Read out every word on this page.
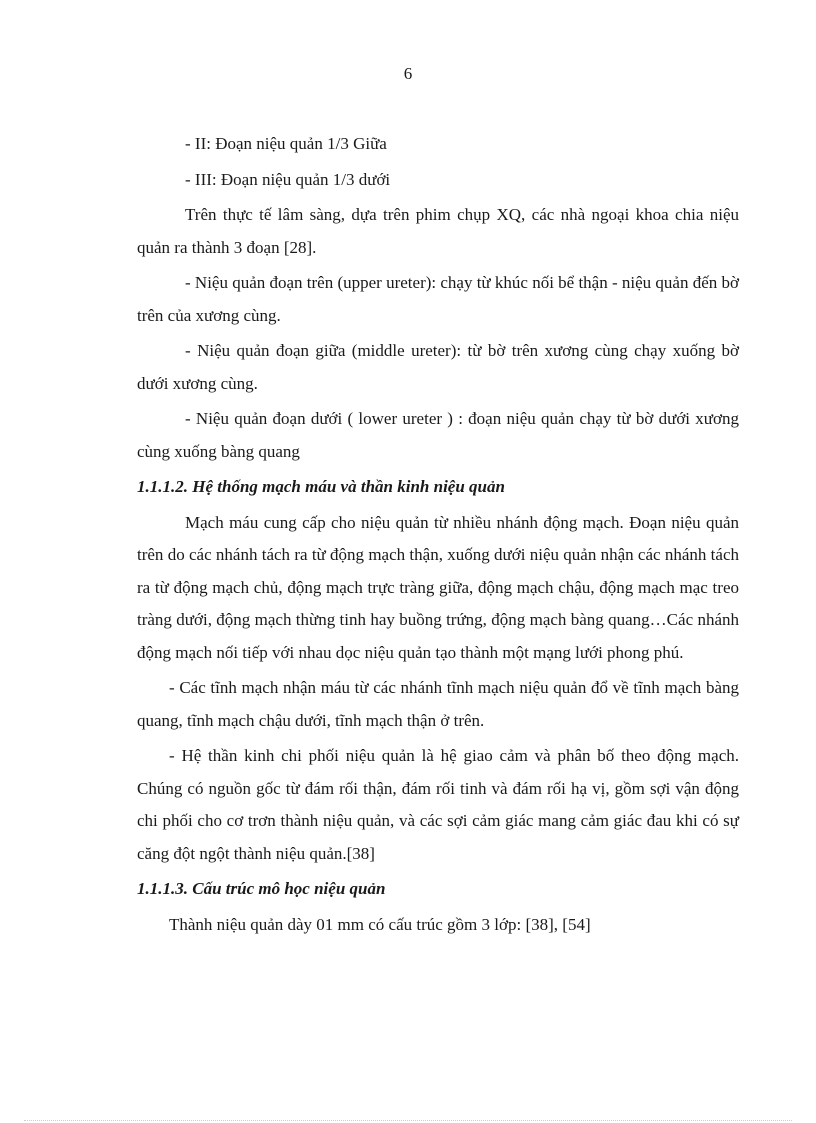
6

- II: Đoạn niệu quản 1/3 Giữa

- III: Đoạn niệu quản 1/3 dưới

Trên thực tế lâm sàng, dựa trên phim chụp XQ, các nhà ngoại khoa chia niệu quản ra thành 3 đoạn [28].

- Niệu quản đoạn trên (upper ureter): chạy từ khúc nối bể thận - niệu quản đến bờ trên của xương cùng.

- Niệu quản đoạn giữa (middle ureter): từ bờ trên xương cùng chạy xuống bờ dưới xương cùng.

- Niệu quản đoạn dưới ( lower ureter ) : đoạn niệu quản chạy từ bờ dưới xương cùng xuống bàng quang

1.1.1.2. Hệ thống mạch máu và thần kinh niệu quản

Mạch máu cung cấp cho niệu quản từ nhiều nhánh động mạch. Đoạn niệu quản trên do các nhánh tách ra từ động mạch thận, xuống dưới niệu quản nhận các nhánh tách ra từ động mạch chủ, động mạch trực tràng giữa, động mạch chậu, động mạch mạc treo tràng dưới, động mạch thừng tinh hay buồng trứng, động mạch bàng quang…Các nhánh động mạch nối tiếp với nhau dọc niệu quản tạo thành một mạng lưới phong phú.

- Các tĩnh mạch nhận máu từ các nhánh tĩnh mạch niệu quản đổ về tĩnh mạch bàng quang, tĩnh mạch chậu dưới, tĩnh mạch thận ở trên.

- Hệ thần kinh chi phối niệu quản là hệ giao cảm và phân bố theo động mạch. Chúng có nguồn gốc từ đám rối thận, đám rối tinh và đám rối hạ vị, gồm sợi vận động chi phối cho cơ trơn thành niệu quản, và các sợi cảm giác mang cảm giác đau khi có sự căng đột ngột thành niệu quản.[38]

1.1.1.3. Cấu trúc mô học niệu quản

Thành niệu quản dày 01 mm có cấu trúc gồm 3 lớp: [38], [54]
